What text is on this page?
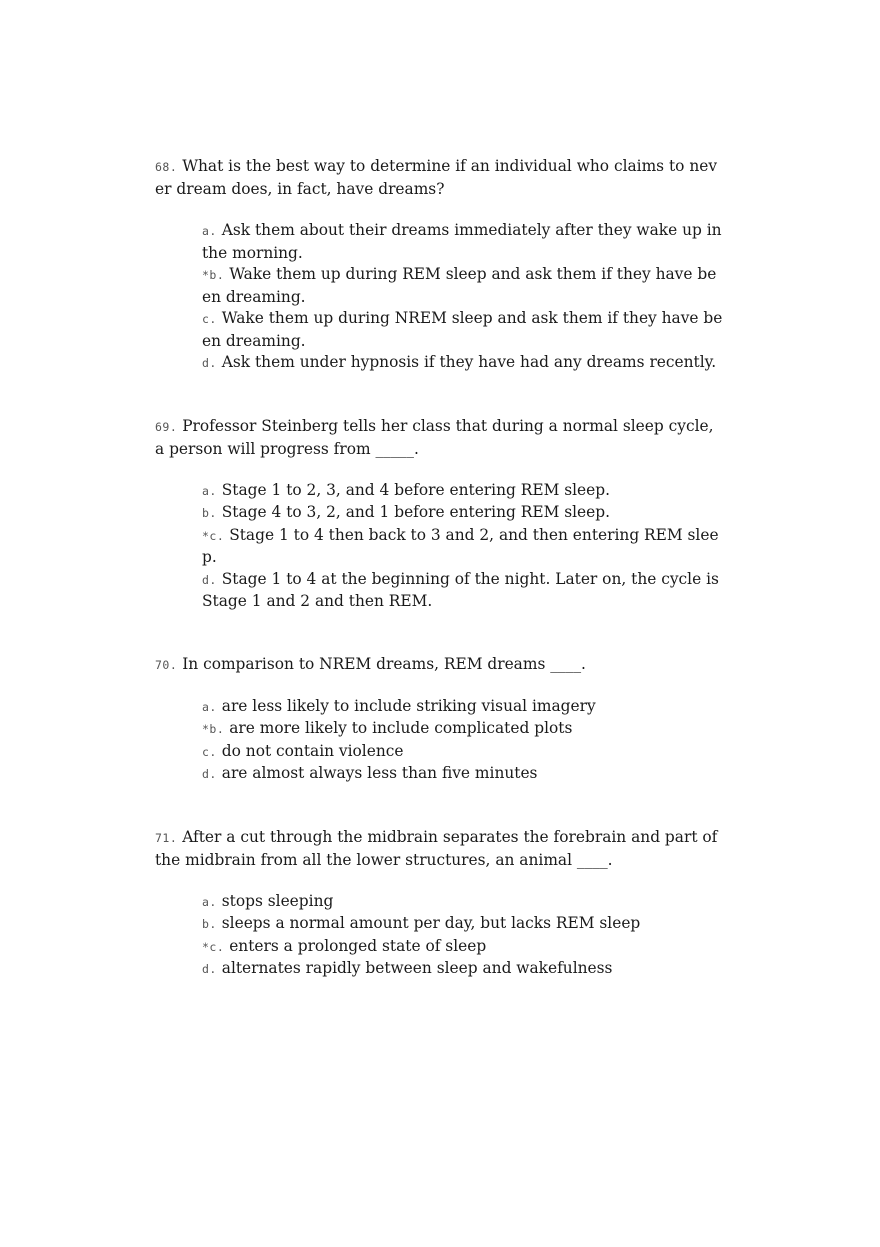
68. What is the best way to determine if an individual who claims to never dream does, in fact, have dreams?

a. Ask them about their dreams immediately after they wake up in the morning.
*b. Wake them up during REM sleep and ask them if they have been dreaming.
c. Wake them up during NREM sleep and ask them if they have been dreaming.
d. Ask them under hypnosis if they have had any dreams recently.

69. Professor Steinberg tells her class that during a normal sleep cycle, a person will progress from _____.

a. Stage 1 to 2, 3, and 4 before entering REM sleep.
b. Stage 4 to 3, 2, and 1 before entering REM sleep.
*c. Stage 1 to 4 then back to 3 and 2, and then entering REM sleep.
d. Stage 1 to 4 at the beginning of the night. Later on, the cycle is Stage 1 and 2 and then REM.

70. In comparison to NREM dreams, REM dreams ____.

a. are less likely to include striking visual imagery
*b. are more likely to include complicated plots
c. do not contain violence
d. are almost always less than five minutes

71. After a cut through the midbrain separates the forebrain and part of the midbrain from all the lower structures, an animal ____.

a. stops sleeping
b. sleeps a normal amount per day, but lacks REM sleep
*c. enters a prolonged state of sleep
d. alternates rapidly between sleep and wakefulness
